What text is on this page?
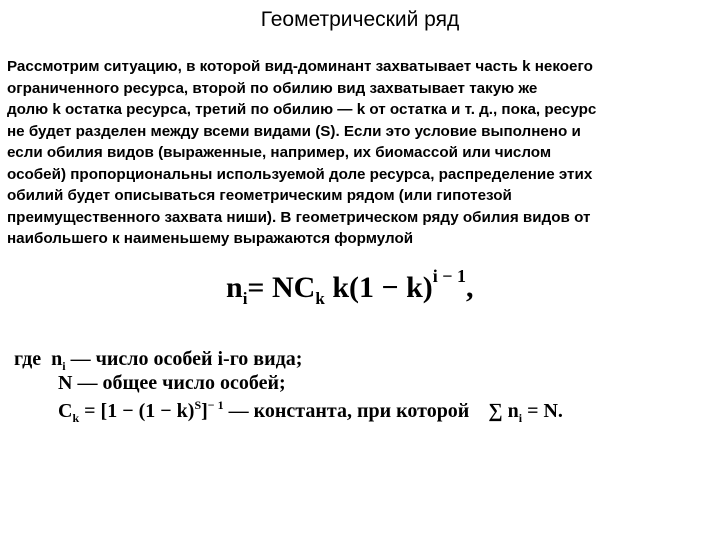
Геометрический ряд
Рассмотрим ситуацию, в которой вид-доминант захватывает часть k некоего
ограниченного ресурса, второй по обилию вид захватывает такую же
долю k остатка ресурса, третий по обилию — k от остатка и т. д., пока, ресурс
не будет разделен между всеми видами (S). Если это условие выполнено и
если обилия видов (выраженные, например, их биомассой или числом
особей) пропорциональны используемой доле ресурса, распределение этих
обилий будет описываться геометрическим рядом (или гипотезой
преимущественного захвата ниши). В геометрическом ряду обилия видов от
наибольшего к наименьшему выражаются формулой
$n_i= NC_k$ $k(1 - k)^{i - 1}$,
где $n_i$ — число особей i-го вида;
N — общее число особей;
$C_k = [1 - (1 - k)^S]^{- 1}$ — константа, при которой ∑ $n_i = N$.
